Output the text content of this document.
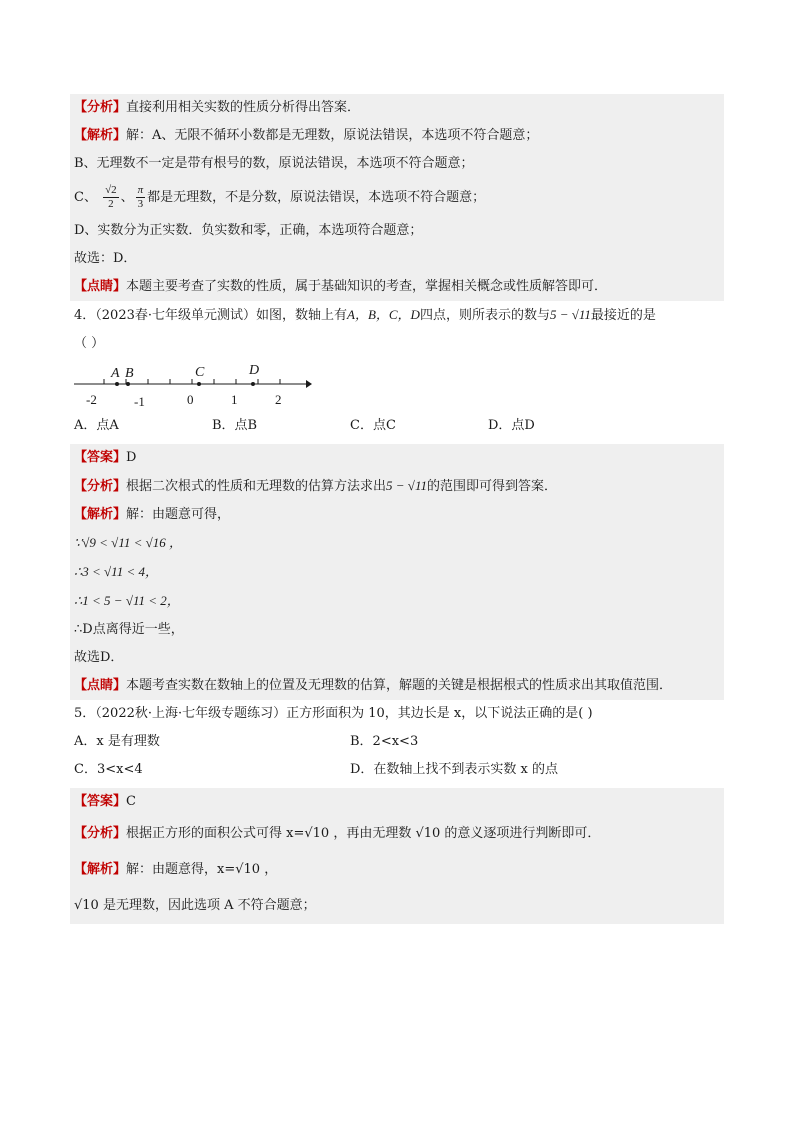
【分析】直接利用相关实数的性质分析得出答案．
【解析】解：A、无限不循环小数都是无理数，原说法错误，本选项不符合题意；
B、无理数不一定是带有根号的数，原说法错误，本选项不符合题意；
C、 $\frac{√2}{2}$ 、 $\frac{\pi}{3}$ 都是无理数，不是分数，原说法错误，本选项不符合题意；
D、实数分为正实数．负实数和零，正确，本选项符合题意；
故选：D．
【点睛】本题主要考查了实数的性质，属于基础知识的考查，掌握相关概念或性质解答即可．
4．（2023春·七年级单元测试）如图，数轴上有A，B，C，D四点，则所表示的数与5 − √11最接近的是
（ ）
-2	-1	0	1	2
A B	C	D
A．点A	B．点B	C．点C	D．点D
【答案】D
【分析】根据二次根式的性质和无理数的估算方法求出5 − √11的范围即可得到答案．
【解析】解：由题意可得，
∵√9 < √11 < √16 ，
∴3 < √11 < 4，
∴1 < 5 − √11 < 2，
∴D点离得近一些，
故选D．
【点睛】本题考查实数在数轴上的位置及无理数的估算，解题的关键是根据根式的性质求出其取值范围．
5．（2022秋·上海·七年级专题练习）正方形面积为 10，其边长是 x，以下说法正确的是( )
A．x 是有理数	B．2<x<3
C．3<x<4	D．在数轴上找不到表示实数 x 的点
【答案】C
【分析】根据正方形的面积公式可得 x=√10 ，再由无理数 √10 的意义逐项进行判断即可．
【解析】解：由题意得，x=√10 ，
√10 是无理数，因此选项 A 不符合题意；
